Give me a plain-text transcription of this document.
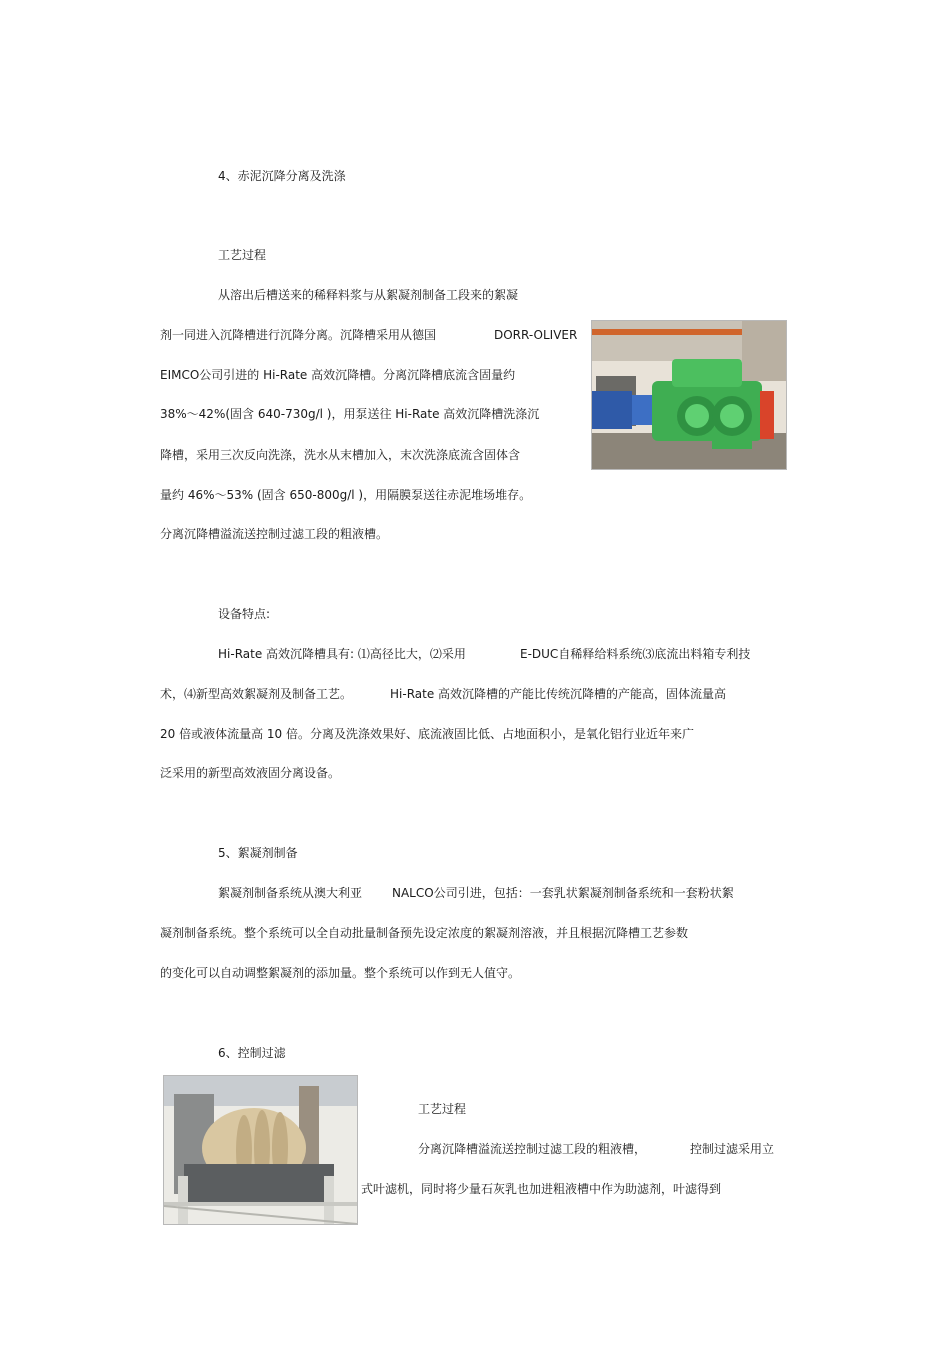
4、赤泥沉降分离及洗涤
工艺过程
从溶出后槽送来的稀释料浆与从絮凝剂制备工段来的絮凝
剂一同进入沉降槽进行沉降分离。沉降槽采用从德国	DORR-OLIVER
EIMCO公司引进的 Hi-Rate 高效沉降槽。分离沉降槽底流含固量约
38%～42%(固含 640-730g/l )，用泵送往 Hi-Rate 高效沉降槽洗涤沉
降槽，采用三次反向洗涤，洗水从末槽加入，末次洗涤底流含固体含
量约 46%～53% (固含 650-800g/l )，用隔膜泵送往赤泥堆场堆存。
分离沉降槽溢流送控制过滤工段的粗液槽。
设备特点:
Hi-Rate 高效沉降槽具有: ⑴高径比大，⑵采用	E-DUC自稀释给料系统⑶底流出料箱专利技
术，⑷新型高效絮凝剂及制备工艺。	Hi-Rate 高效沉降槽的产能比传统沉降槽的产能高，固体流量高
20 倍或液体流量高 10 倍。分离及洗涤效果好、底流液固比低、占地面积小，是氧化铝行业近年来广
泛采用的新型高效液固分离设备。
5、絮凝剂制备
絮凝剂制备系统从澳大利亚 NALCO公司引进，包括：一套乳状絮凝剂制备系统和一套粉状絮
凝剂制备系统。整个系统可以全自动批量制备预先设定浓度的絮凝剂溶液，并且根据沉降槽工艺参数
的变化可以自动调整絮凝剂的添加量。整个系统可以作到无人值守。
6、控制过滤
工艺过程
分离沉降槽溢流送控制过滤工段的粗液槽，	控制过滤采用立
式叶滤机，同时将少量石灰乳也加进粗液槽中作为助滤剂，叶滤得到
